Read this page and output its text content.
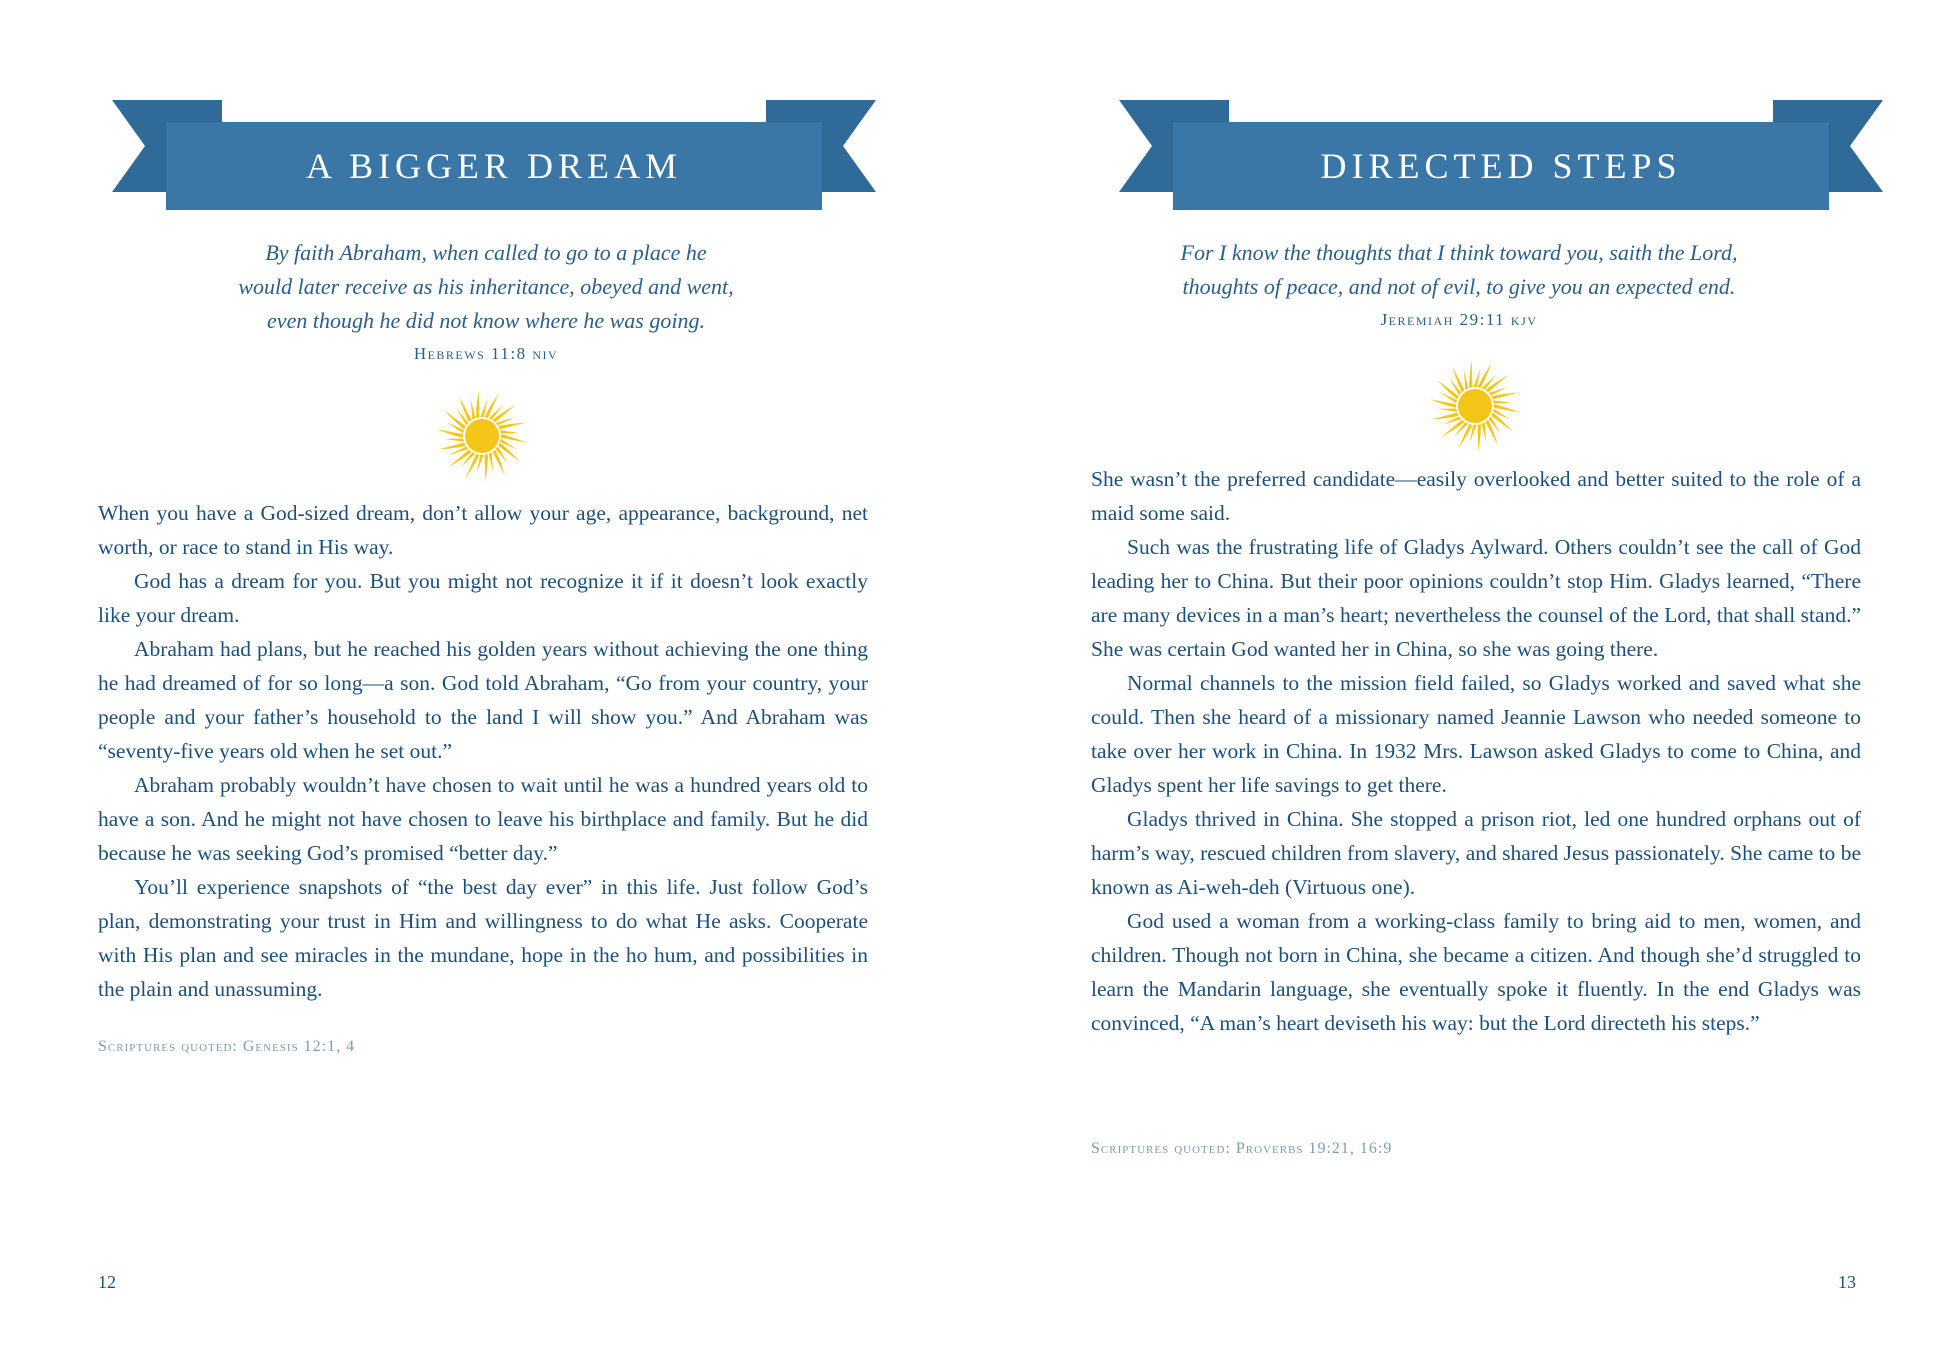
A BIGGER DREAM
By faith Abraham, when called to go to a place he
would later receive as his inheritance, obeyed and went,
even though he did not know where he was going.
Hebrews 11:8 niv

When you have a God-sized dream, don’t allow your age, appearance, background, net worth, or race to stand in His way.

God has a dream for you. But you might not recognize it if it doesn’t look exactly like your dream.

Abraham had plans, but he reached his golden years without achieving the one thing he had dreamed of for so long—a son. God told Abraham, “Go from your country, your people and your father’s household to the land I will show you.” And Abraham was “seventy-five years old when he set out.”

Abraham probably wouldn’t have chosen to wait until he was a hundred years old to have a son. And he might not have chosen to leave his birthplace and family. But he did because he was seeking God’s promised “better day.”

You’ll experience snapshots of “the best day ever” in this life. Just follow God’s plan, demonstrating your trust in Him and willingness to do what He asks. Cooperate with His plan and see miracles in the mundane, hope in the ho hum, and possibilities in the plain and unassuming.

Scriptures quoted: Genesis 12:1, 4
12
DIRECTED STEPS
For I know the thoughts that I think toward you, saith the Lord,
thoughts of peace, and not of evil, to give you an expected end.
Jeremiah 29:11 kjv

She wasn’t the preferred candidate—easily overlooked and better suited to the role of a maid some said.

Such was the frustrating life of Gladys Aylward. Others couldn’t see the call of God leading her to China. But their poor opinions couldn’t stop Him. Gladys learned, “There are many devices in a man’s heart; nevertheless the counsel of the Lord, that shall stand.” She was certain God wanted her in China, so she was going there.

Normal channels to the mission field failed, so Gladys worked and saved what she could. Then she heard of a missionary named Jeannie Lawson who needed someone to take over her work in China. In 1932 Mrs. Lawson asked Gladys to come to China, and Gladys spent her life savings to get there.

Gladys thrived in China. She stopped a prison riot, led one hundred orphans out of harm’s way, rescued children from slavery, and shared Jesus passionately. She came to be known as Ai-weh-deh (Virtuous one).

God used a woman from a working-class family to bring aid to men, women, and children. Though not born in China, she became a citizen. And though she’d struggled to learn the Mandarin language, she eventually spoke it fluently. In the end Gladys was convinced, “A man’s heart deviseth his way: but the Lord directeth his steps.”

Scriptures quoted: Proverbs 19:21, 16:9
13
